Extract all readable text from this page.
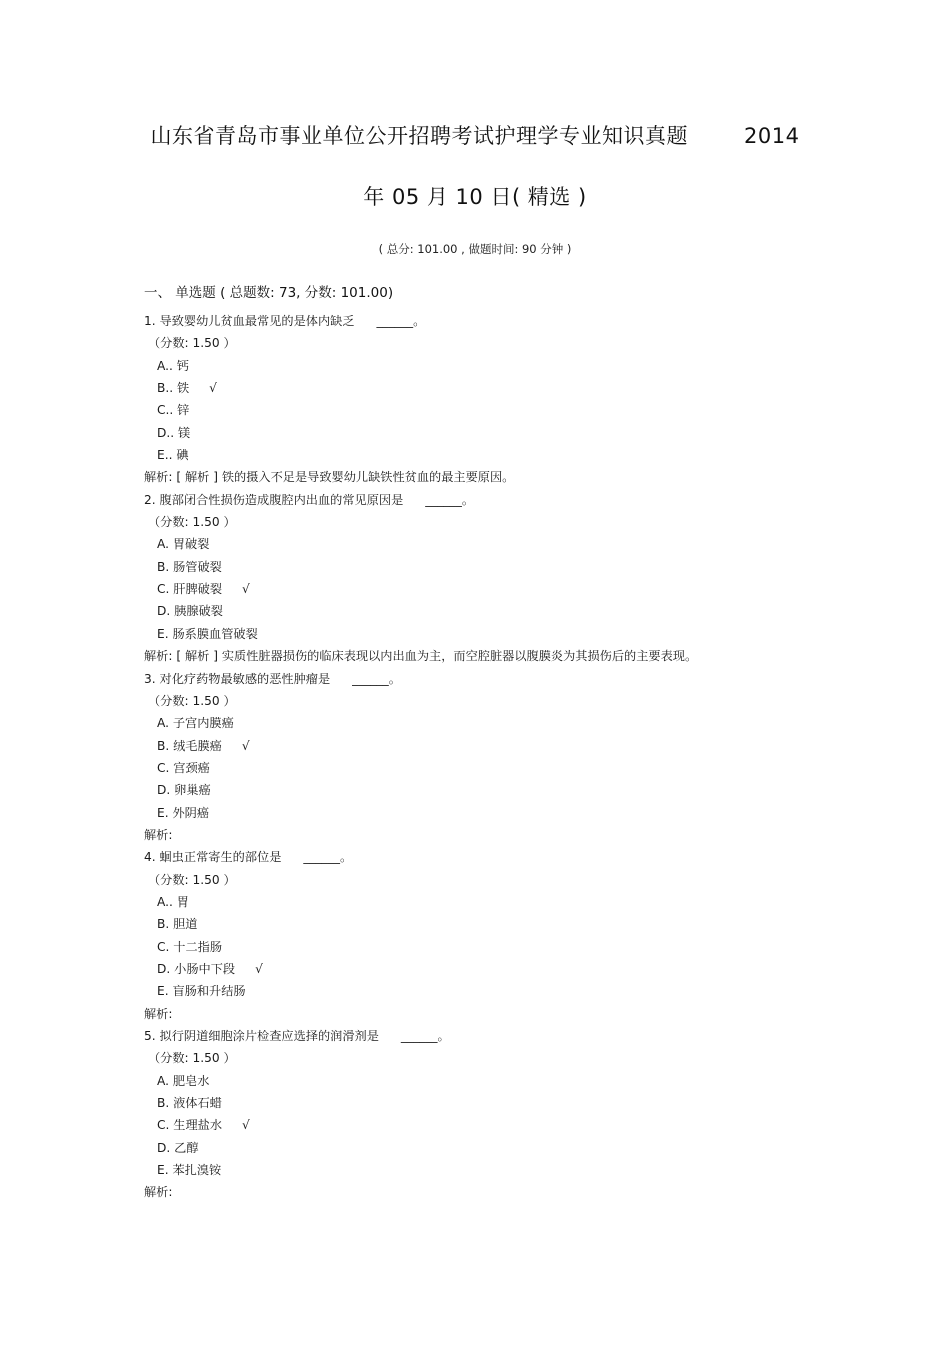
山东省青岛市事业单位公开招聘考试护理学专业知识真题	2014
年 05 月 10 日( 精选 )
( 总分: 101.00 , 做题时间: 90 分钟 )
一、 单选题 ( 总题数: 73, 分数: 101.00)
1. 导致婴幼儿贫血最常见的是体内缺乏 ______。
（分数: 1.50 ）
A.. 钙
B.. 铁 √
C.. 锌
D.. 镁
E.. 碘
解析: [ 解析 ] 铁的摄入不足是导致婴幼儿缺铁性贫血的最主要原因。
2. 腹部闭合性损伤造成腹腔内出血的常见原因是 ______。
（分数: 1.50 ）
A. 胃破裂
B. 肠管破裂
C. 肝脾破裂 √
D. 胰腺破裂
E. 肠系膜血管破裂
解析: [ 解析 ] 实质性脏器损伤的临床表现以内出血为主，而空腔脏器以腹膜炎为其损伤后的主要表现。
3. 对化疗药物最敏感的恶性肿瘤是 ______。
（分数: 1.50 ）
A. 子宫内膜癌
B. 绒毛膜癌 √
C. 宫颈癌
D. 卵巢癌
E. 外阴癌
解析:
4. 蛔虫正常寄生的部位是 ______。
（分数: 1.50 ）
A.. 胃
B. 胆道
C. 十二指肠
D. 小肠中下段 √
E. 盲肠和升结肠
解析:
5. 拟行阴道细胞涂片检查应选择的润滑剂是 ______。
（分数: 1.50 ）
A. 肥皂水
B. 液体石蜡
C. 生理盐水 √
D. 乙醇
E. 苯扎溴铵
解析:
